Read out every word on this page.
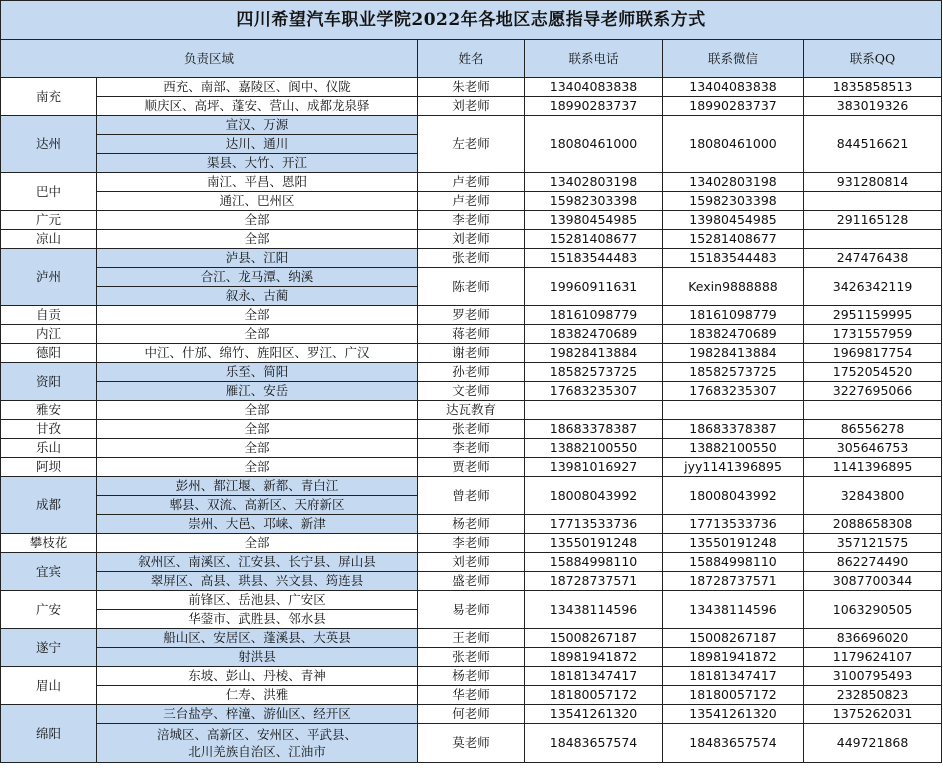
四川希望汽车职业学院2022年各地区志愿指导老师联系方式					
负责区域		姓名	联系电话	联系微信	联系QQ
南充	西充、南部、嘉陵区、阆中、仪陇	朱老师	13404083838	13404083838	1835858513
	顺庆区、高坪、蓬安、营山、成都龙泉驿	刘老师	18990283737	18990283737	383019326
达州	宣汉、万源	左老师	18080461000	18080461000	844516621
	达川、通川				
	渠县、大竹、开江				
巴中	南江、平昌、恩阳	卢老师	13402803198	13402803198	931280814
	通江、巴州区	卢老师	15982303398	15982303398	
广元	全部	李老师	13980454985	13980454985	291165128
凉山	全部	刘老师	15281408677	15281408677	
泸州	泸县、江阳	张老师	15183544483	15183544483	247476438
	合江、龙马潭、纳溪	陈老师	19960911631	Kexin9888888	3426342119
	叙永、古蔺				
自贡	全部	罗老师	18161098779	18161098779	2951159995
内江	全部	蒋老师	18382470689	18382470689	1731557959
德阳	中江、什邡、绵竹、旌阳区、罗江、广汉	谢老师	19828413884	19828413884	1969817754
资阳	乐至、简阳	孙老师	18582573725	18582573725	1752054520
	雁江、安岳	文老师	17683235307	17683235307	3227695066
雅安	全部	达瓦教育			
甘孜	全部	张老师	18683378387	18683378387	86556278
乐山	全部	李老师	13882100550	13882100550	305646753
阿坝	全部	贾老师	13981016927	jyy1141396895	1141396895
成都	彭州、都江堰、新都、青白江	曾老师	18008043992	18008043992	32843800
	郫县、双流、高新区、天府新区				
	崇州、大邑、邛崃、新津	杨老师	17713533736	17713533736	2088658308
攀枝花	全部	李老师	13550191248	13550191248	357121575
宜宾	叙州区、南溪区、江安县、长宁县、屏山县	刘老师	15884998110	15884998110	862274490
	翠屏区、高县、珙县、兴文县、筠连县	盛老师	18728737571	18728737571	3087700344
广安	前锋区、岳池县、广安区	易老师	13438114596	13438114596	1063290505
	华蓥市、武胜县、邻水县				
遂宁	船山区、安居区、蓬溪县、大英县	王老师	15008267187	15008267187	836696020
	射洪县	张老师	18981941872	18981941872	1179624107
眉山	东坡、彭山、丹棱、青神	杨老师	18181347417	18181347417	3100795493
	仁寿、洪雅	华老师	18180057172	18180057172	232850823
绵阳	三台盐亭、梓潼、游仙区、经开区	何老师	13541261320	13541261320	1375262031

	涪城区、高新区、安州区、平武县、
北川羌族自治区、江油市	莫老师	18483657574	18483657574	449721868
